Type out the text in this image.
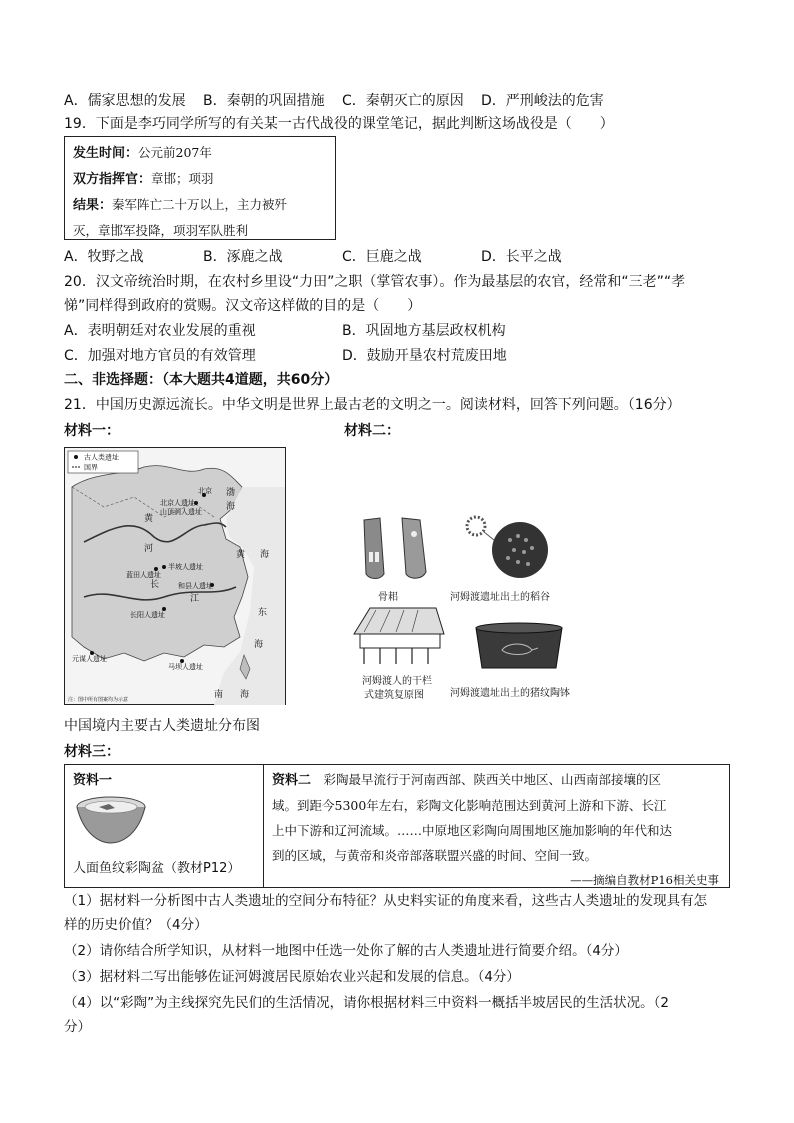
A．儒家思想的发展 B．秦朝的巩固措施 C．秦朝灭亡的原因 D．严刑峻法的危害
19．下面是李巧同学所写的有关某一古代战役的课堂笔记，据此判断这场战役是（　　）
发生时间：公元前207年
双方指挥官：章邯；项羽
结果：秦军阵亡二十万以上，主力被歼
灭，章邯军投降，项羽军队胜利
A．牧野之战	B．涿鹿之战	C．巨鹿之战	D．长平之战
20．汉文帝统治时期，在农村乡里设“力田”之职（掌管农事）。作为最基层的农官，经常和“三老”“孝
悌”同样得到政府的赏赐。汉文帝这样做的目的是（　　）
A．表明朝廷对农业发展的重视	B．巩固地方基层政权机构
C．加强对地方官员的有效管理	D．鼓励开垦农村荒废田地
二、非选择题：（本大题共4道题，共60分）
21．中国历史源远流长。中华文明是世界上最古老的文明之一。阅读材料，回答下列问题。（16分）
材料一：	材料二：
古人类遗址
国界
北京
北京人遗址
山顶洞人遗址
蓝田人遗址
半坡人遗址
和县人遗址
长阳人遗址
元谋人遗址
马坝人遗址
渤
海
黄 海
东
海
南 海
黄
河
长
江
注：图中所有图案均为示意
中国境内主要古人类遗址分布图
骨耜	河姆渡遗址出土的稻谷
河姆渡人的干栏
式建筑复原图	河姆渡遗址出土的猪纹陶钵
材料三：
资料一
人面鱼纹彩陶盆（教材P12）
资料二　 彩陶最早流行于河南西部、陕西关中地区、山西南部接壤的区
域。到距今5300年左右，彩陶文化影响范围达到黄河上游和下游、长江
上中下游和辽河流域。……中原地区彩陶向周围地区施加影响的年代和达
到的区域，与黄帝和炎帝部落联盟兴盛的时间、空间一致。
——摘编自教材P16相关史事
（1）据材料一分析图中古人类遗址的空间分布特征？从史料实证的角度来看，这些古人类遗址的发现具有怎
样的历史价值？（4分）
（2）请你结合所学知识，从材料一地图中任选一处你了解的古人类遗址进行简要介绍。（4分）
（3）据材料二写出能够佐证河姆渡居民原始农业兴起和发展的信息。（4分）
（4）以“彩陶”为主线探究先民们的生活情况，请你根据材料三中资料一概括半坡居民的生活状况。（2
分）
